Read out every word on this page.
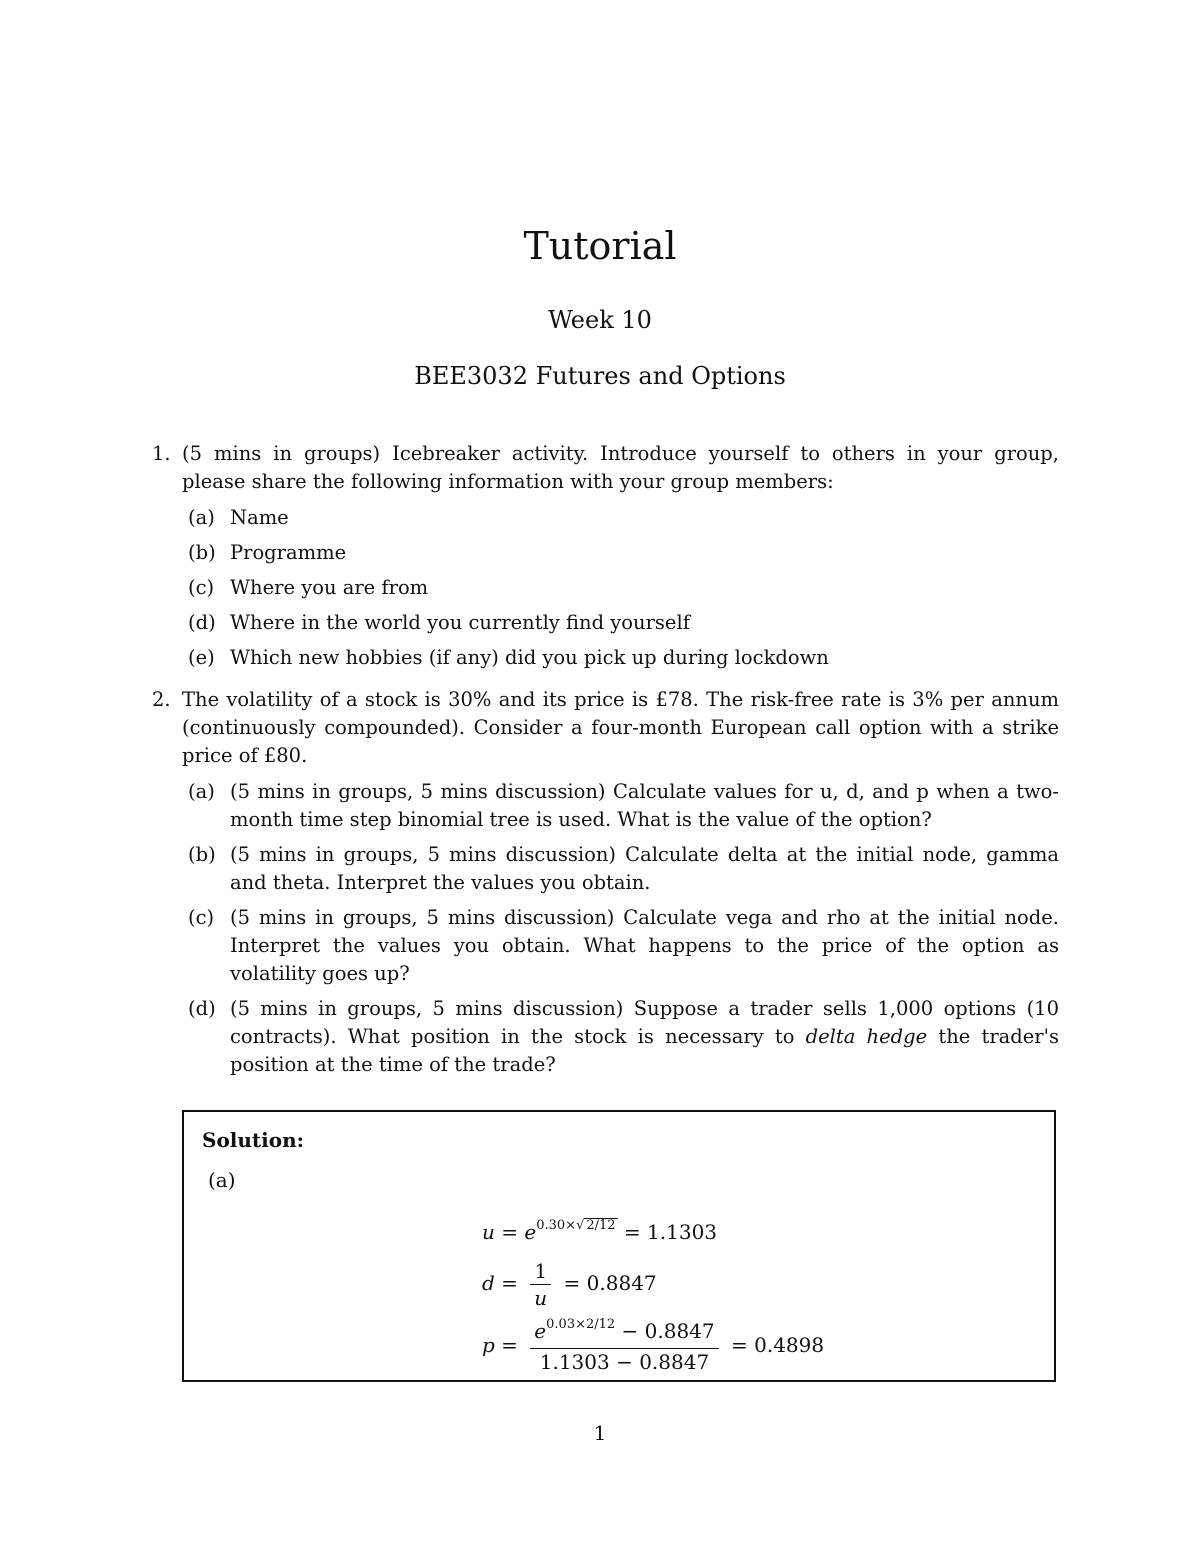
Tutorial
Week 10
BEE3032 Futures and Options
1. (5 mins in groups) Icebreaker activity. Introduce yourself to others in your group, please share the following information with your group members:
(a) Name
(b) Programme
(c) Where you are from
(d) Where in the world you currently find yourself
(e) Which new hobbies (if any) did you pick up during lockdown
2. The volatility of a stock is 30% and its price is £78. The risk-free rate is 3% per annum (continuously compounded). Consider a four-month European call option with a strike price of £80.
(a) (5 mins in groups, 5 mins discussion) Calculate values for u, d, and p when a two-month time step binomial tree is used. What is the value of the option?
(b) (5 mins in groups, 5 mins discussion) Calculate delta at the initial node, gamma and theta. Interpret the values you obtain.
(c) (5 mins in groups, 5 mins discussion) Calculate vega and rho at the initial node. Interpret the values you obtain. What happens to the price of the option as volatility goes up?
(d) (5 mins in groups, 5 mins discussion) Suppose a trader sells 1,000 options (10 contracts). What position in the stock is necessary to delta hedge the trader's position at the time of the trade?
Solution:
(a)
$u = e^{0.30\times√ 2/12} = 1.1303$
$d = \frac{1}{u} = 0.8847$
$p = \frac{e^{0.03\times 2/12} - 0.8847}{1.1303 - 0.8847} = 0.4898$
1
